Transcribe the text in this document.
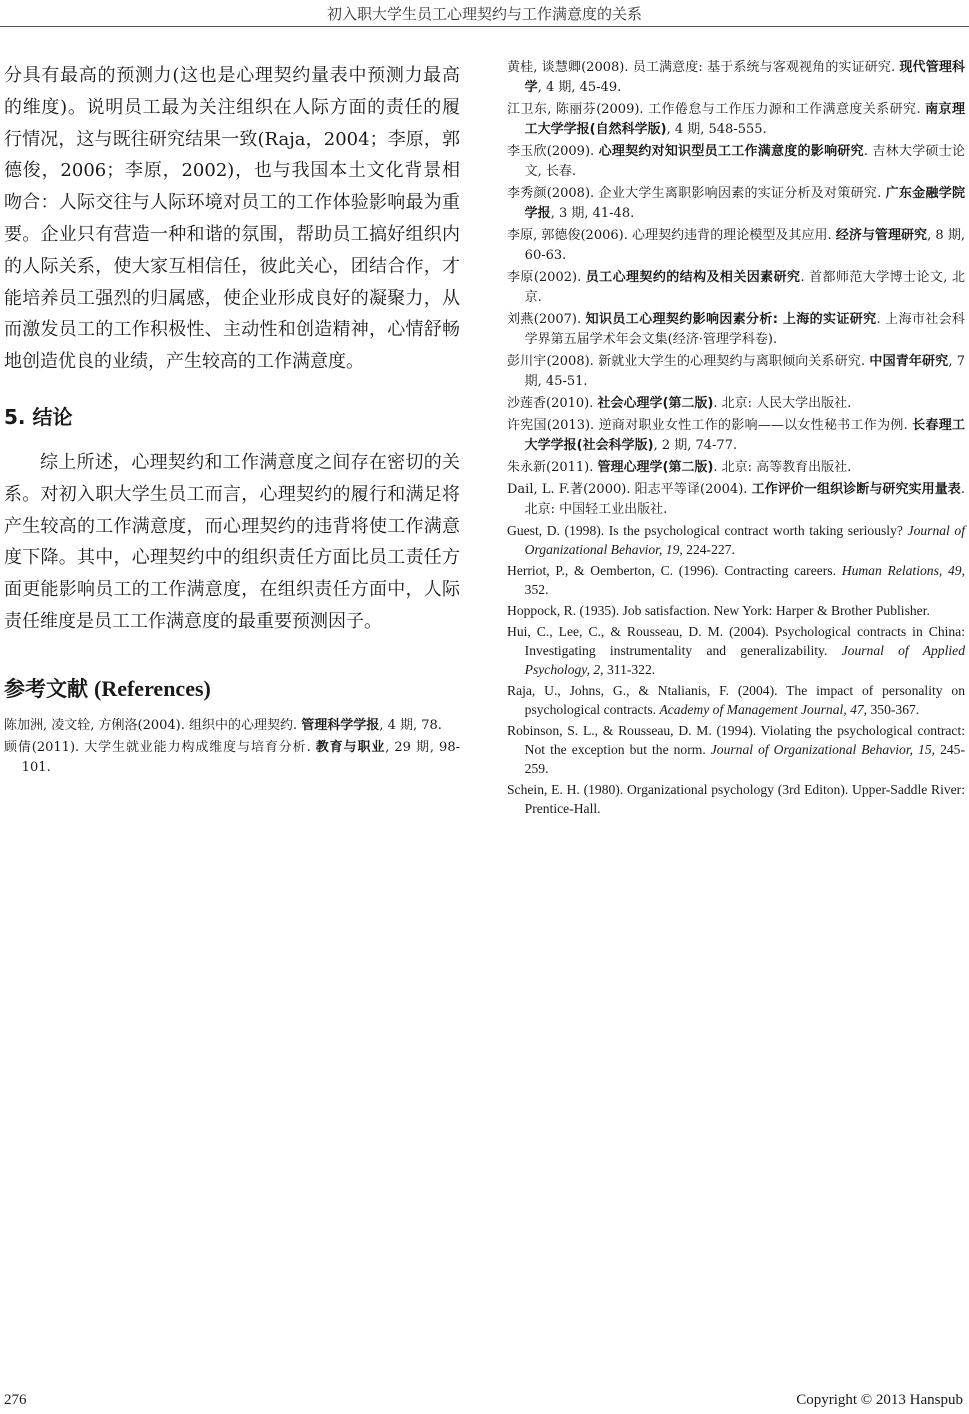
初入职大学生员工心理契约与工作满意度的关系

分具有最高的预测力(这也是心理契约量表中预测力最高的维度)。说明员工最为关注组织在人际方面的责任的履行情况，这与既往研究结果一致(Raja，2004；李原，郭德俊，2006；李原，2002)，也与我国本土文化背景相吻合：人际交往与人际环境对员工的工作体验影响最为重要。企业只有营造一种和谐的氛围，帮助员工搞好组织内的人际关系，使大家互相信任，彼此关心，团结合作，才能培养员工强烈的归属感，使企业形成良好的凝聚力，从而激发员工的工作积极性、主动性和创造精神，心情舒畅地创造优良的业绩，产生较高的工作满意度。

5. 结论

综上所述，心理契约和工作满意度之间存在密切的关系。对初入职大学生员工而言，心理契约的履行和满足将产生较高的工作满意度，而心理契约的违背将使工作满意度下降。其中，心理契约中的组织责任方面比员工责任方面更能影响员工的工作满意度，在组织责任方面中，人际责任维度是员工工作满意度的最重要预测因子。

参考文献 (References)

陈加洲, 凌文辁, 方俐洛(2004). 组织中的心理契约. 管理科学学报, 4 期, 78.

顾倩(2011). 大学生就业能力构成维度与培育分析. 教育与职业, 29 期, 98-101.

黄桂, 谈慧卿(2008). 员工满意度: 基于系统与客观视角的实证研究. 现代管理科学, 4 期, 45-49.

江卫东, 陈丽芬(2009). 工作倦怠与工作压力源和工作满意度关系研究. 南京理工大学学报(自然科学版), 4 期, 548-555.

李玉欣(2009). 心理契约对知识型员工工作满意度的影响研究. 吉林大学硕士论文, 长春.

李秀颜(2008). 企业大学生离职影响因素的实证分析及对策研究. 广东金融学院学报, 3 期, 41-48.

李原, 郭德俊(2006). 心理契约违背的理论模型及其应用. 经济与管理研究, 8 期, 60-63.

李原(2002). 员工心理契约的结构及相关因素研究. 首都师范大学博士论文, 北京.

刘燕(2007). 知识员工心理契约影响因素分析: 上海的实证研究. 上海市社会科学界第五届学术年会文集(经济·管理学科卷).

彭川宇(2008). 新就业大学生的心理契约与离职倾向关系研究. 中国青年研究, 7 期, 45-51.

沙莲香(2010). 社会心理学(第二版). 北京: 人民大学出版社.

许宪国(2013). 逆商对职业女性工作的影响——以女性秘书工作为例. 长春理工大学学报(社会科学版), 2 期, 74-77.

朱永新(2011). 管理心理学(第二版). 北京: 高等教育出版社.

Dail, L. F.著(2000). 阳志平等译(2004). 工作评价一组织诊断与研究实用量表. 北京: 中国轻工业出版社.

Guest, D. (1998). Is the psychological contract worth taking seriously? Journal of Organizational Behavior, 19, 224-227.

Herriot, P., & Oemberton, C. (1996). Contracting careers. Human Relations, 49, 352.

Hoppock, R. (1935). Job satisfaction. New York: Harper & Brother Publisher.

Hui, C., Lee, C., & Rousseau, D. M. (2004). Psychological contracts in China: Investigating instrumentality and generalizability. Journal of Applied Psychology, 2, 311-322.

Raja, U., Johns, G., & Ntalianis, F. (2004). The impact of personality on psychological contracts. Academy of Management Journal, 47, 350-367.

Robinson, S. L., & Rousseau, D. M. (1994). Violating the psychological contract: Not the exception but the norm. Journal of Organizational Behavior, 15, 245-259.

Schein, E. H. (1980). Organizational psychology (3rd Editon). Upper-Saddle River: Prentice-Hall.

276	Copyright © 2013 Hanspub
